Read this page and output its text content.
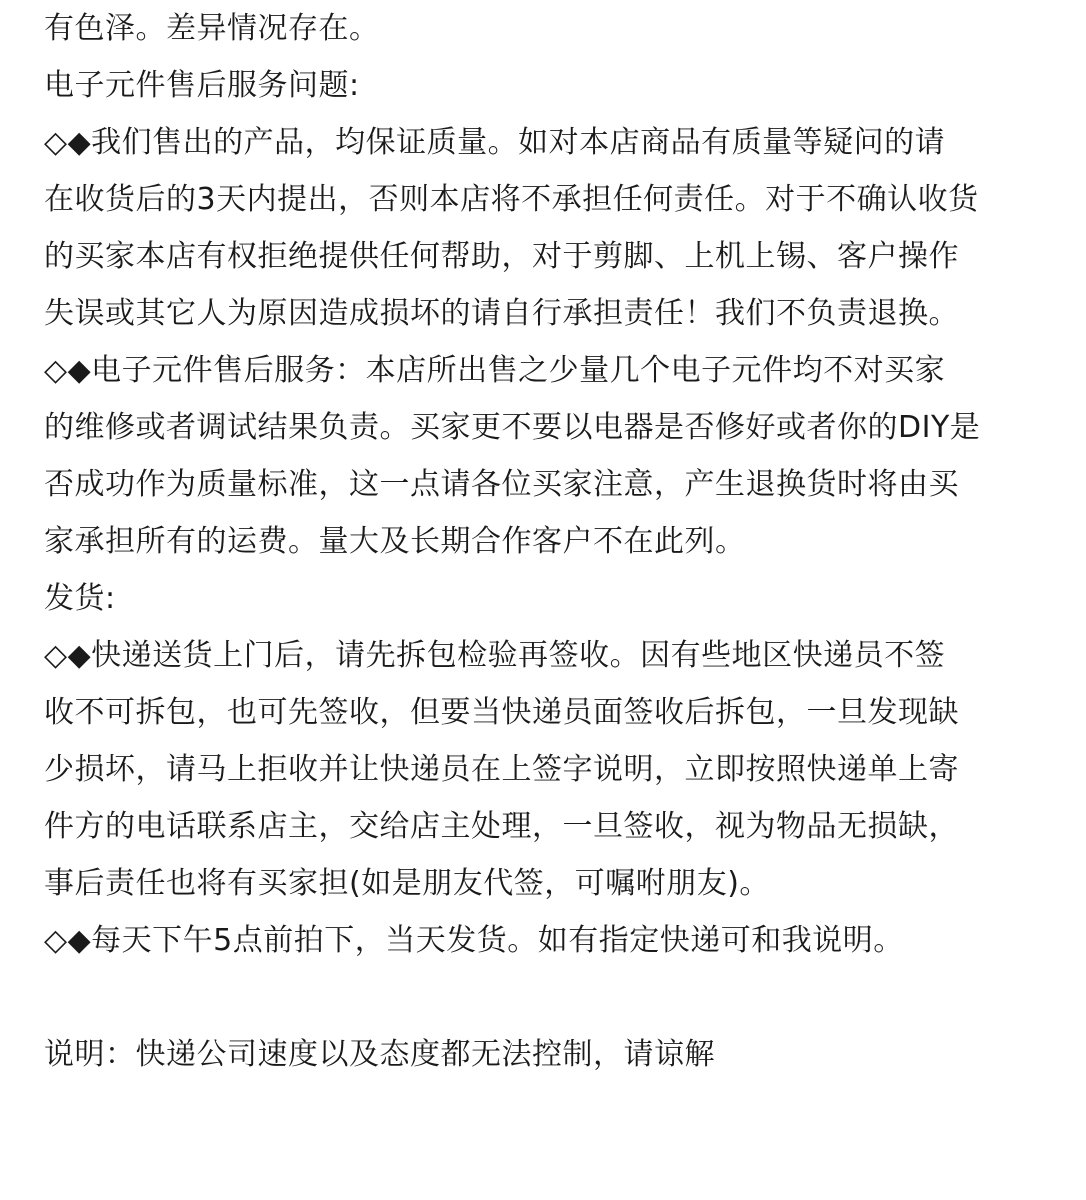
有色泽。差异情况存在。
电子元件售后服务问题:
◇◆我们售出的产品，均保证质量。如对本店商品有质量等疑问的请
在收货后的3天内提出，否则本店将不承担任何责任。对于不确认收货
的买家本店有权拒绝提供任何帮助，对于剪脚、上机上锡、客户操作
失误或其它人为原因造成损坏的请自行承担责任！我们不负责退换。
◇◆电子元件售后服务：本店所出售之少量几个电子元件均不对买家
的维修或者调试结果负责。买家更不要以电器是否修好或者你的DIY是
否成功作为质量标准，这一点请各位买家注意，产生退换货时将由买
家承担所有的运费。量大及长期合作客户不在此列。
发货:
◇◆快递送货上门后，请先拆包检验再签收。因有些地区快递员不签
收不可拆包，也可先签收，但要当快递员面签收后拆包，一旦发现缺
少损坏，请马上拒收并让快递员在上签字说明，立即按照快递单上寄
件方的电话联系店主，交给店主处理，一旦签收，视为物品无损缺，
事后责任也将有买家担(如是朋友代签，可嘱咐朋友)。
◇◆每天下午5点前拍下，当天发货。如有指定快递可和我说明。
说明：快递公司速度以及态度都无法控制，请谅解
